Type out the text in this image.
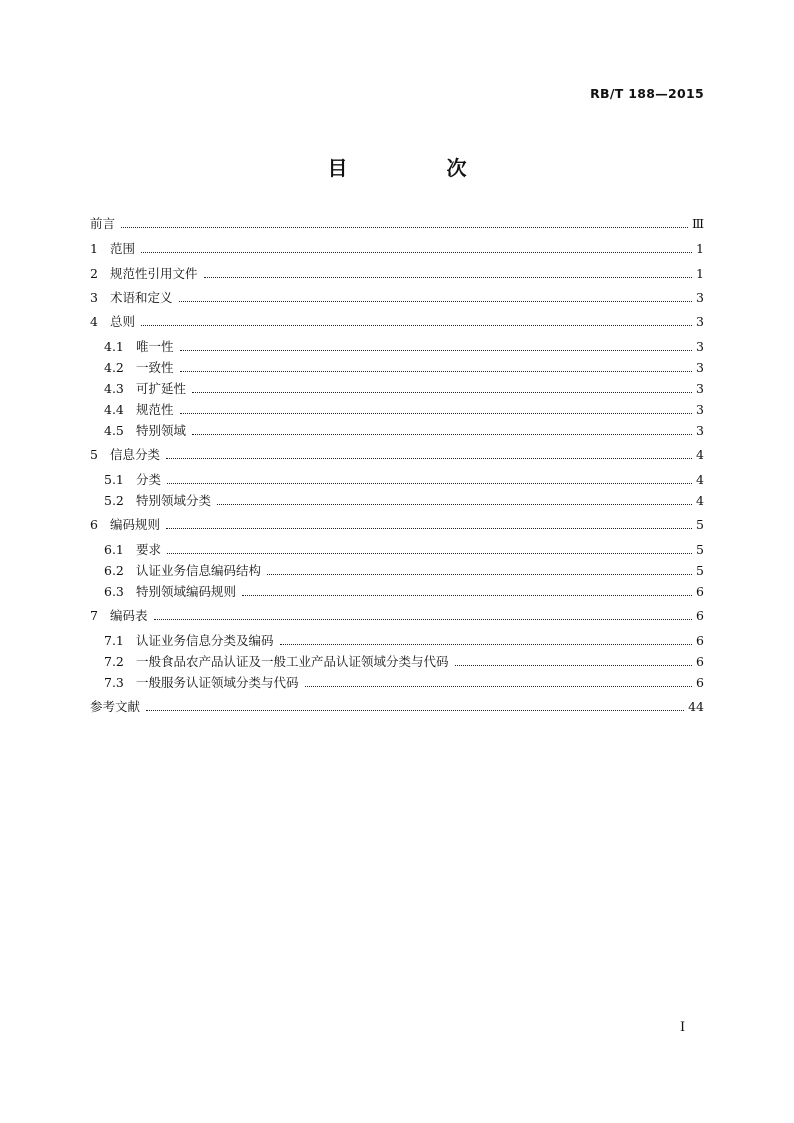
RB/T 188—2015
目 次
前言	Ⅲ
1 范围	1
2 规范性引用文件	1
3 术语和定义	3
4 总则	3
4.1 唯一性	3
4.2 一致性	3
4.3 可扩延性	3
4.4 规范性	3
4.5 特别领域	3
5 信息分类	4
5.1 分类	4
5.2 特别领域分类	4
6 编码规则	5
6.1 要求	5
6.2 认证业务信息编码结构	5
6.3 特别领域编码规则	6
7 编码表	6
7.1 认证业务信息分类及编码	6
7.2 一般食品农产品认证及一般工业产品认证领域分类与代码	6
7.3 一般服务认证领域分类与代码	6
参考文献	44
I
